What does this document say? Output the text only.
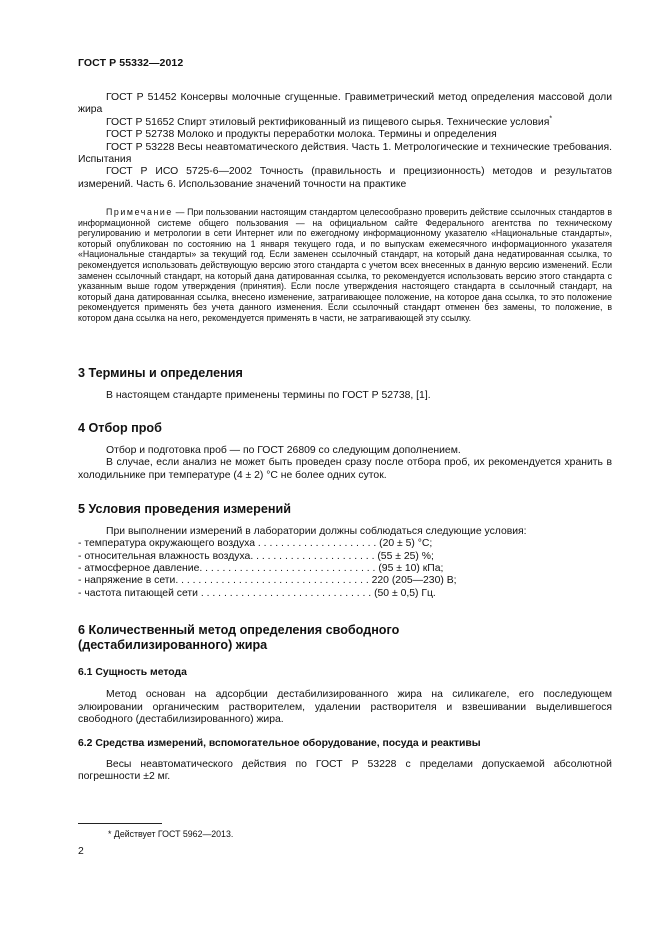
ГОСТ Р 55332—2012

ГОСТ Р 51452 Консервы молочные сгущенные. Гравиметрический метод определения массовой доли жира

ГОСТ Р 51652 Спирт этиловый ректификованный из пищевого сырья. Технические условия*

ГОСТ Р 52738 Молоко и продукты переработки молока. Термины и определения

ГОСТ Р 53228 Весы неавтоматического действия. Часть 1. Метрологические и технические требования. Испытания

ГОСТ Р ИСО 5725-6—2002 Точность (правильность и прецизионность) методов и результатов измерений. Часть 6. Использование значений точности на практике

Примечание — При пользовании настоящим стандартом целесообразно проверить действие ссылочных стандартов в информационной системе общего пользования — на официальном сайте Федерального агентства по техническому регулированию и метрологии в сети Интернет или по ежегодному информационному указателю «Национальные стандарты», который опубликован по состоянию на 1 января текущего года, и по выпускам ежемесячного информационного указателя «Национальные стандарты» за текущий год. Если заменен ссылочный стандарт, на который дана недатированная ссылка, то рекомендуется использовать действующую версию этого стандарта с учетом всех внесенных в данную версию изменений. Если заменен ссылочный стандарт, на который дана датированная ссылка, то рекомендуется использовать версию этого стандарта с указанным выше годом утверждения (принятия). Если после утверждения настоящего стандарта в ссылочный стандарт, на который дана датированная ссылка, внесено изменение, затрагивающее положение, на которое дана ссылка, то это положение рекомендуется применять без учета данного изменения. Если ссылочный стандарт отменен без замены, то положение, в котором дана ссылка на него, рекомендуется применять в части, не затрагивающей эту ссылку.

3 Термины и определения

В настоящем стандарте применены термины по ГОСТ Р 52738, [1].

4 Отбор проб

Отбор и подготовка проб — по ГОСТ 26809 со следующим дополнением.

В случае, если анализ не может быть проведен сразу после отбора проб, их рекомендуется хранить в холодильнике при температуре (4 ± 2) °С не более одних суток.

5 Условия проведения измерений

При выполнении измерений в лаборатории должны соблюдаться следующие условия:

- температура окружающего воздуха . . . . . . . . . . . . . . . . . . . . . (20 ± 5) °С;
- относительная влажность воздуха. . . . . . . . . . . . . . . . . . . . . . (55 ± 25) %;
- атмосферное давление. . . . . . . . . . . . . . . . . . . . . . . . . . . . . . . (95 ± 10) кПа;
- напряжение в сети. . . . . . . . . . . . . . . . . . . . . . . . . . . . . . . . . . 220 (205—230) В;
- частота питающей сети . . . . . . . . . . . . . . . . . . . . . . . . . . . . . . (50 ± 0,5) Гц.
6 Количественный метод определения свободного
(дестабилизированного) жира
6.1 Сущность метода

Метод основан на адсорбции дестабилизированного жира на силикагеле, его последующем элюировании органическим растворителем, удалении растворителя и взвешивании выделившегося свободного (дестабилизированного) жира.

6.2 Средства измерений, вспомогательное оборудование, посуда и реактивы

Весы неавтоматического действия по ГОСТ Р 53228 с пределами допускаемой абсолютной погрешности ±2 мг.

* Действует ГОСТ 5962—2013.
2
